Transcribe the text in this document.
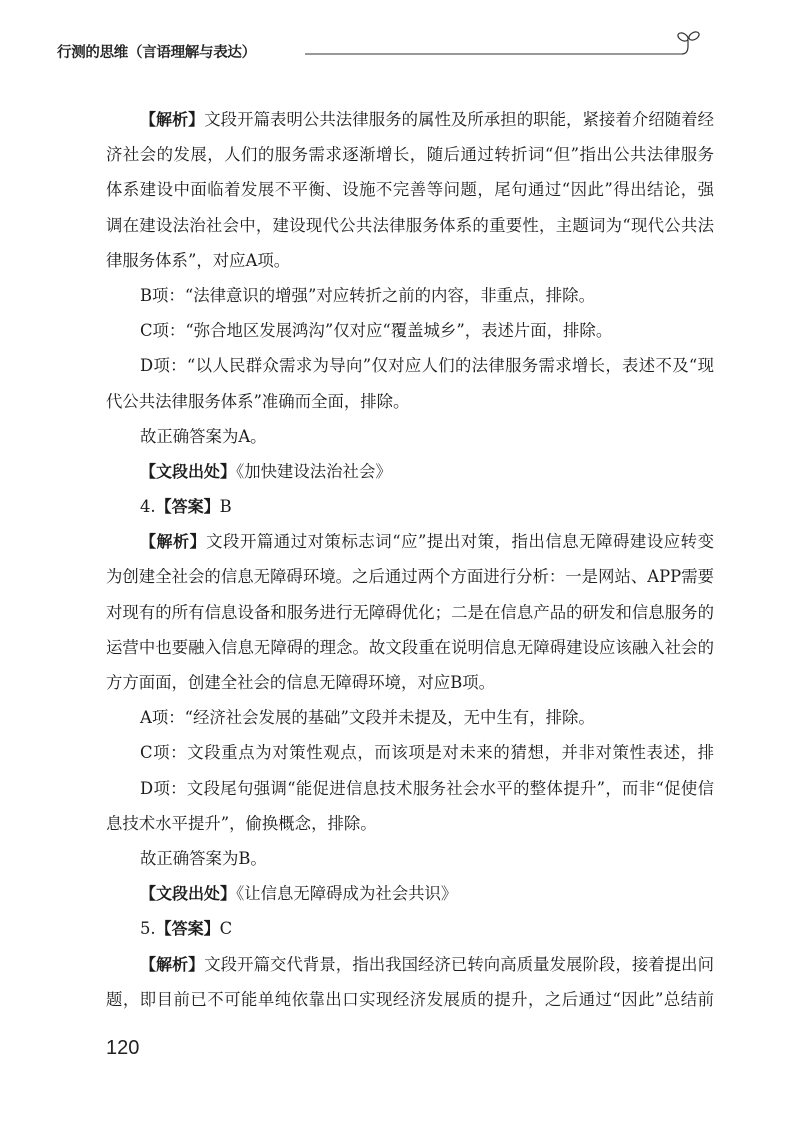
行测的思维（言语理解与表达）
【解析】文段开篇表明公共法律服务的属性及所承担的职能，紧接着介绍随着经
济社会的发展，人们的服务需求逐渐增长，随后通过转折词“但”指出公共法律服务
体系建设中面临着发展不平衡、设施不完善等问题，尾句通过“因此”得出结论，强
调在建设法治社会中，建设现代公共法律服务体系的重要性，主题词为“现代公共法
律服务体系”，对应A项。
B项：“法律意识的增强”对应转折之前的内容，非重点，排除。
C项：“弥合地区发展鸿沟”仅对应“覆盖城乡”，表述片面，排除。
D项：“以人民群众需求为导向”仅对应人们的法律服务需求增长，表述不及“现
代公共法律服务体系”准确而全面，排除。
故正确答案为A。
【文段出处】《加快建设法治社会》
4.【答案】B
【解析】文段开篇通过对策标志词“应”提出对策，指出信息无障碍建设应转变
为创建全社会的信息无障碍环境。之后通过两个方面进行分析：一是网站、APP需要
对现有的所有信息设备和服务进行无障碍优化；二是在信息产品的研发和信息服务的
运营中也要融入信息无障碍的理念。故文段重在说明信息无障碍建设应该融入社会的
方方面面，创建全社会的信息无障碍环境，对应B项。
A项：“经济社会发展的基础”文段并未提及，无中生有，排除。
C项：文段重点为对策性观点，而该项是对未来的猜想，并非对策性表述，排
D项：文段尾句强调“能促进信息技术服务社会水平的整体提升”，而非“促使信
息技术水平提升”，偷换概念，排除。
故正确答案为B。
【文段出处】《让信息无障碍成为社会共识》
5.【答案】C
【解析】文段开篇交代背景，指出我国经济已转向高质量发展阶段，接着提出问
题，即目前已不可能单纯依靠出口实现经济发展质的提升，之后通过“因此”总结前
120
